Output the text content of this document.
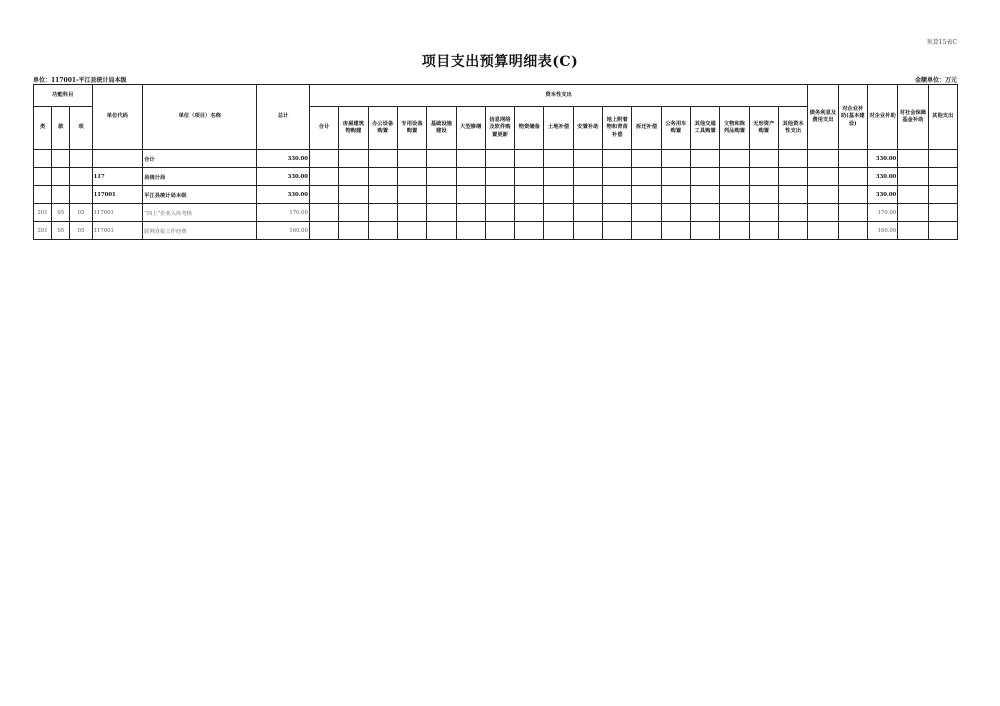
预算15表C
项目支出预算明细表(C)
单位：117001-平江县统计局本级	金额单位：万元
功能科目			单位代码	单位（项目）名称	总计	资本性支出																	债务利息及费用支出	对企业补助(基本建设)	对企业补助	对社会保障基金补助	其他支出
类	款	项				合计	房屋建筑物购建	办公设备购置	专用设备购置	基础设施建设	大型修缮	信息网络及软件购置更新	物资储备	土地补偿	安置补助	地上附着物和青苗补偿	拆迁补偿	公务用车购置	其他交通工具购置	文物和陈列品购置	无形资产购置	其他资本性支出					
				合计	330.00																				330.00		
			117	县统计局	330.00																				330.00		
			117001	平江县统计局本级	330.00																				330.00		
201	05	05	117001	“四上”企业入库考核	170.00																				170.00		
201	05	05	117001	联网直报工作经费	160.00																				160.00		
